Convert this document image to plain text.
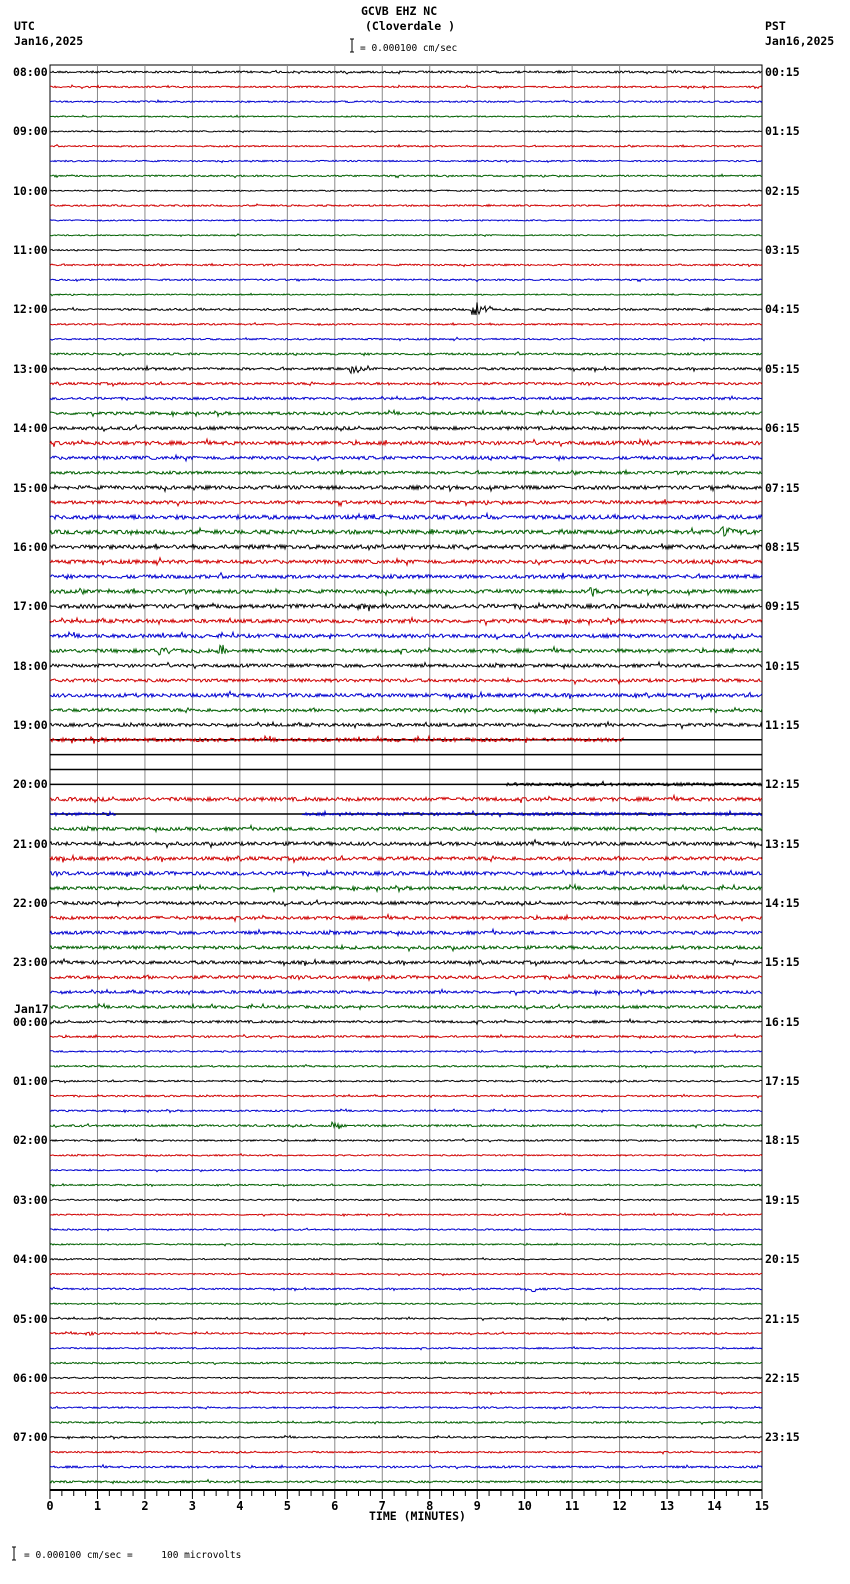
GCVB EHZ NC
(Cloverdale )
UTC
Jan16,2025
PST
Jan16,2025
= 0.000100 cm/sec
Jan17
TIME (MINUTES)
= 0.000100 cm/sec =     100 microvolts
08:00	00:15
09:00	01:15
10:00	02:15
11:00	03:15
12:00	04:15
13:00	05:15
14:00	06:15
15:00	07:15
16:00	08:15
17:00	09:15
18:00	10:15
19:00	11:15
20:00	12:15
21:00	13:15
22:00	14:15
23:00	15:15
00:00	16:15
01:00	17:15
02:00	18:15
03:00	19:15
04:00	20:15
05:00	21:15
06:00	22:15
07:00	23:15
0	1	2	3	4	5	6	7	8	9	10	11	12	13	14	15
